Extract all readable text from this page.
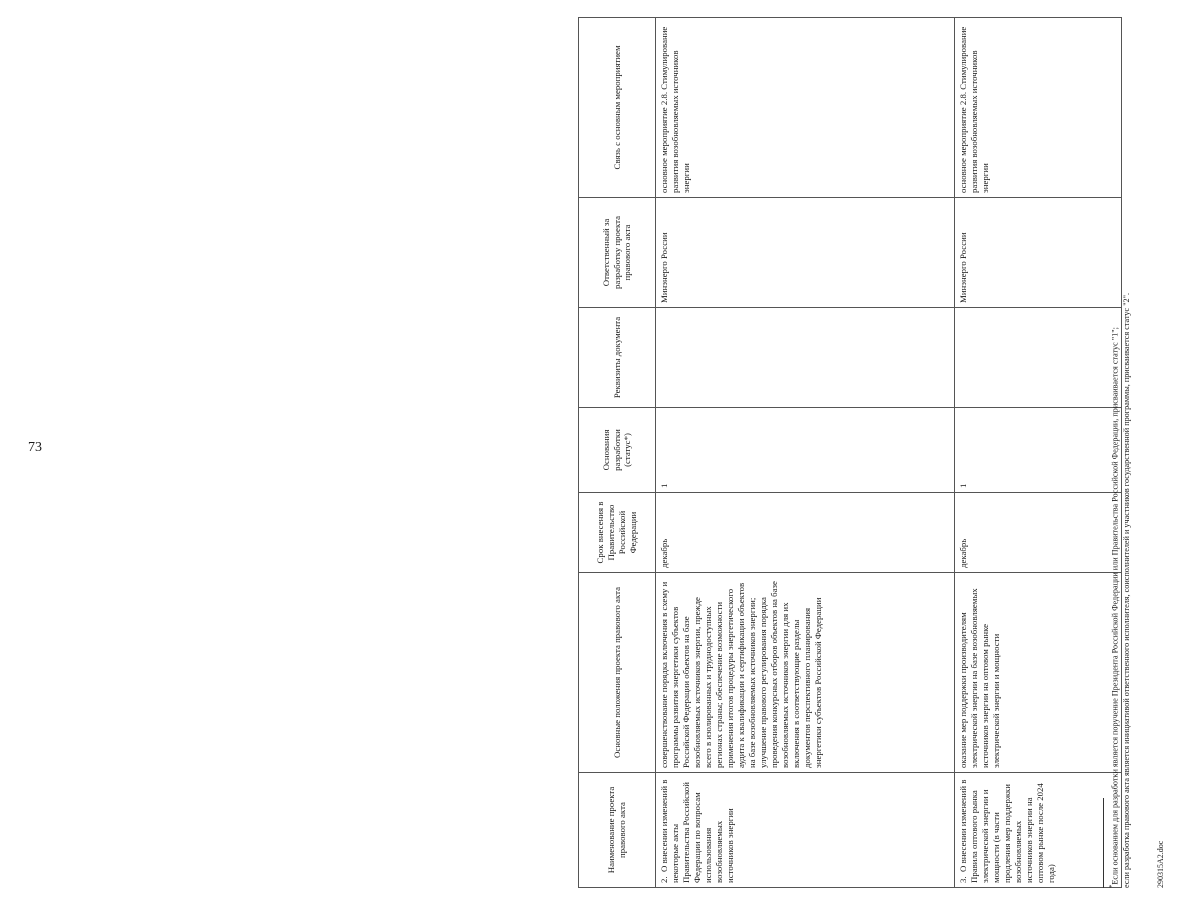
73
Наименование проекта правового акта	Основные положения проекта правового акта	Срок внесения в Правительство Российской Федерации	Основания разработки (статус*)	Реквизиты документа	Ответственный за разработку проекта правового акта	Связь с основным мероприятием
2.  О внесении изменений в некоторые акты Правительства Российской Федерации по вопросам использования возобновляемых источников энергии	совершенствование порядка включения в схему и программы развития энергетики субъектов Российской Федерации объектов на базе возобновляемых источников энергии, прежде всего в изолированных и труднодоступных регионах страны; обеспечение возможности применения итогов процедуры энергетического аудита к квалификации и сертификации объектов на базе возобновляемых источников энергии; улучшение правового регулирования порядка проведения конкурсных отборов объектов на базе возобновляемых источников энергии для их включения в соответствующие разделы документов перспективного планирования энергетики субъектов Российской Федерации	декабрь	1		Минэнерго России	основное мероприятие 2.8. Стимулирование развития возобновляемых источников энергии
3.  О внесении изменений в Правила оптового рынка электрической энергии и мощности (в части продления мер поддержки возобновляемых источников энергии на оптовом рынке после 2024 года)	оказание мер поддержки производителям электрической энергии на базе возобновляемых источников энергии на оптовом рынке электрической энергии и мощности	декабрь	1		Минэнерго России	основное мероприятие 2.8. Стимулирование развития возобновляемых источников энергии
*Если основанием для разработки является поручение Президента Российской Федерации или Правительства Российской Федерации, присваивается статус "1"; если разработка правового акта является инициативой ответственного исполнителя, соисполнителей и участников государственной программы, присваивается статус "2".	290315A2.doc
